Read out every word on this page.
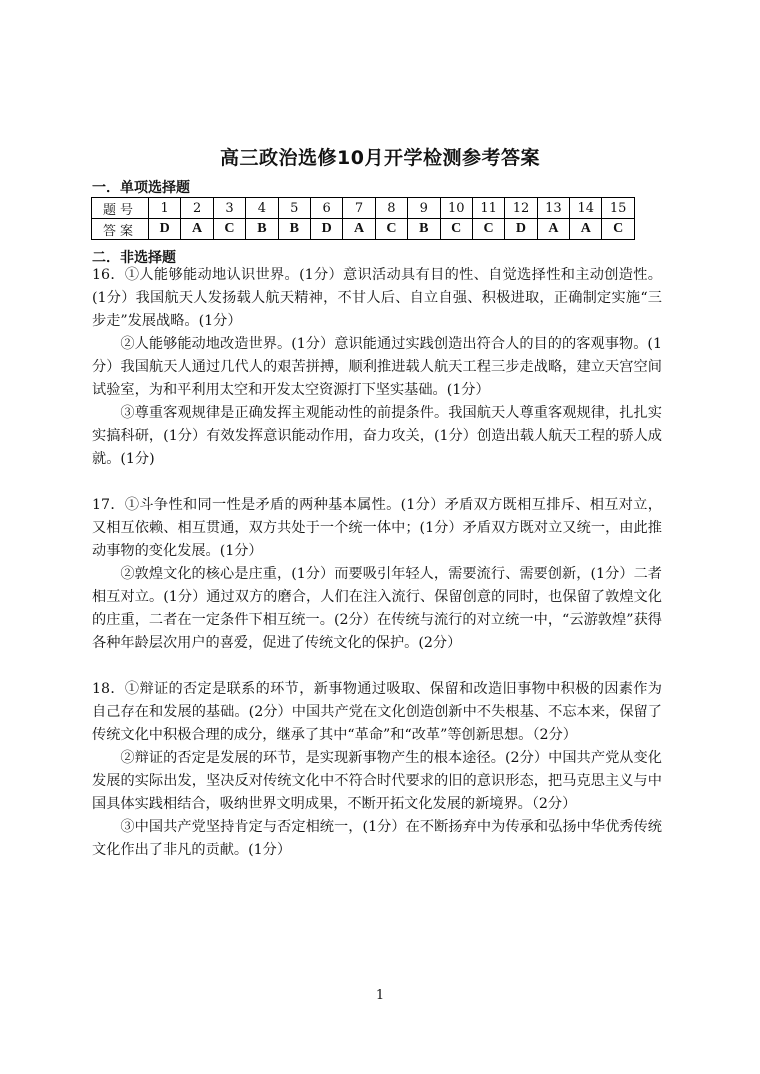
高三政治选修10月开学检测参考答案
一．单项选择题
题号	1	2	3	4	5	6	7	8	9	10	11	12	13	14	15
答案	D	A	C	B	B	D	A	C	B	C	C	D	A	A	C
二．非选择题

16．①人能够能动地认识世界。(1分）意识活动具有目的性、自觉选择性和主动创造性。(1分）我国航天人发扬载人航天精神，不甘人后、自立自强、积极进取，正确制定实施“三步走”发展战略。(1分）

②人能够能动地改造世界。(1分）意识能通过实践创造出符合人的目的的客观事物。(1分）我国航天人通过几代人的艰苦拼搏，顺利推进载人航天工程三步走战略，建立天宫空间试验室，为和平利用太空和开发太空资源打下坚实基础。(1分）

③尊重客观规律是正确发挥主观能动性的前提条件。我国航天人尊重客观规律，扎扎实实搞科研，(1分）有效发挥意识能动作用，奋力攻关，(1分）创造出载人航天工程的骄人成就。(1分)

17．①斗争性和同一性是矛盾的两种基本属性。(1分）矛盾双方既相互排斥、相互对立，又相互依赖、相互贯通，双方共处于一个统一体中；(1分）矛盾双方既对立又统一，由此推动事物的变化发展。(1分）

②敦煌文化的核心是庄重，(1分）而要吸引年轻人，需要流行、需要创新，(1分）二者相互对立。(1分）通过双方的磨合，人们在注入流行、保留创意的同时，也保留了敦煌文化的庄重，二者在一定条件下相互统一。(2分）在传统与流行的对立统一中，“云游敦煌”获得各种年龄层次用户的喜爱，促进了传统文化的保护。(2分）

18．①辩证的否定是联系的环节，新事物通过吸取、保留和改造旧事物中积极的因素作为自己存在和发展的基础。(2分）中国共产党在文化创造创新中不失根基、不忘本来，保留了传统文化中积极合理的成分，继承了其中“革命”和“改革”等创新思想。（2分）

②辩证的否定是发展的环节，是实现新事物产生的根本途径。(2分）中国共产党从变化发展的实际出发，坚决反对传统文化中不符合时代要求的旧的意识形态，把马克思主义与中国具体实践相结合，吸纳世界文明成果，不断开拓文化发展的新境界。（2分）

③中国共产党坚持肯定与否定相统一，(1分）在不断扬弃中为传承和弘扬中华优秀传统文化作出了非凡的贡献。(1分）

1
